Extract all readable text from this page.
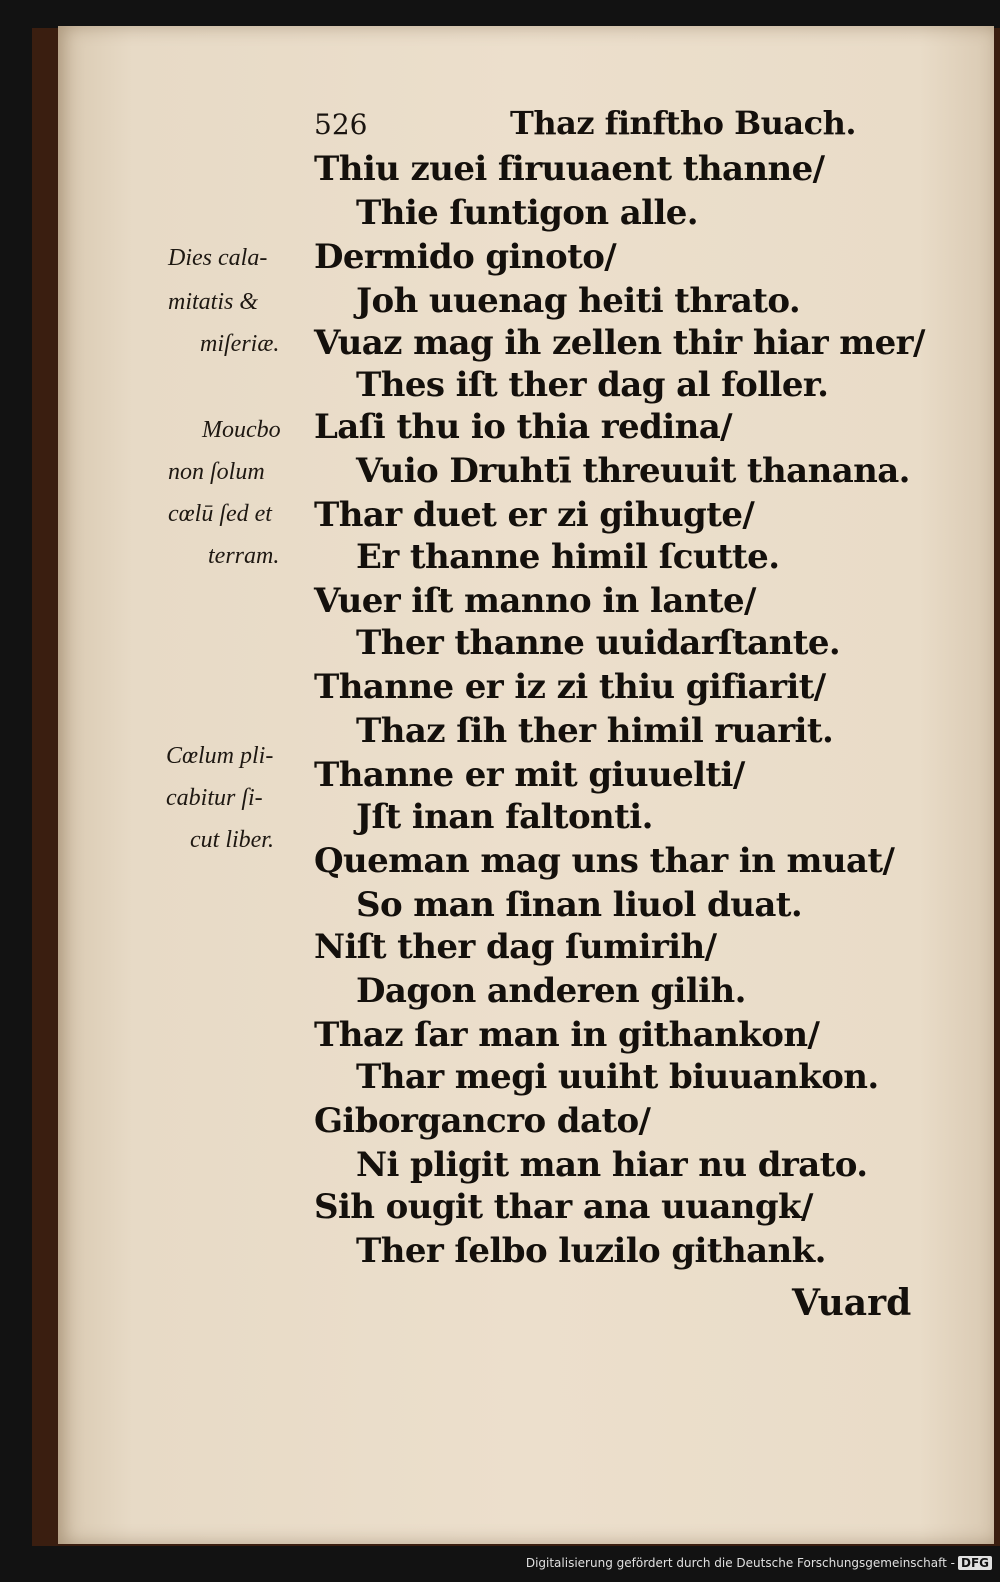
526	Thaz finftho Buach.
Thiu zuei firuuaent thanne/
Thie ſuntigon alle.
Dermido ginoto/
Joh uuenag heiti thrato.
Vuaz mag ih zellen thir hiar mer/
Thes iſt ther dag al foller.
Laſi thu io thia redina/
Vuio Druhtī threuuit thanana.
Thar duet er zi gihugte/
Er thanne himil ſcutte.
Vuer iſt manno in lante/
Ther thanne uuidarſtante.
Thanne er iz zi thiu gifiarit/
Thaz ſih ther himil ruarit.
Thanne er mit giuuelti/
Jſt inan faltonti.
Queman mag uns thar in muat/
So man ſinan liuol duat.
Niſt ther dag ſumirih/
Dagon anderen gilih.
Thaz ſar man in githankon/
Thar megi uuiht biuuankon.
Giborgancro dato/
Ni pligit man hiar nu drato.
Sih ougit thar ana uuangk/
Ther ſelbo luzilo githank.
Dies cala-
mitatis &
miſeriæ.
Moucbo
non ſolum
cœlū ſed et
terram.
Cœlum pli-
cabitur ſi-
cut liber.
Vuard
Digitalisierung gefördert durch die Deutsche Forschungsgemeinschaft - DFG
